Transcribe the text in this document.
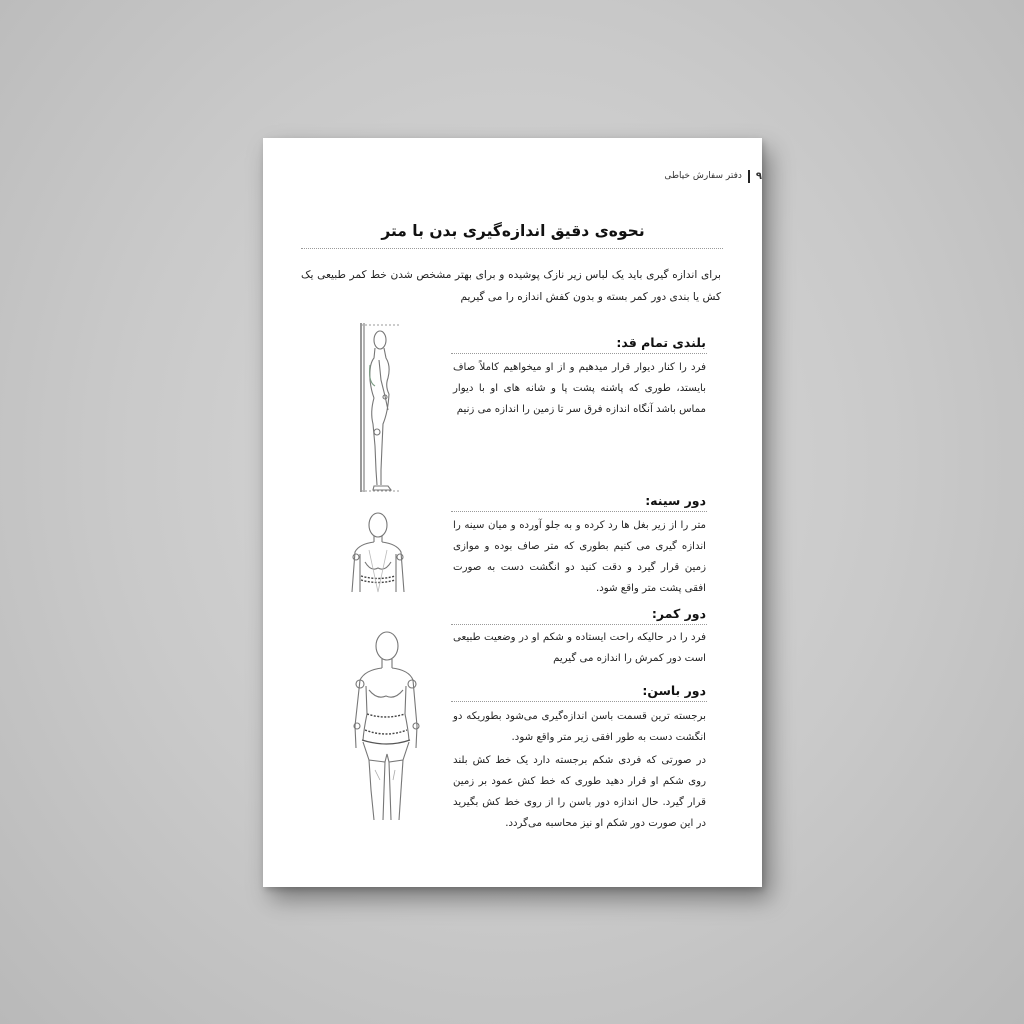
۹
دفتر سفارش خیاطی
نحوه‌ی دقیق اندازه‌گیری بدن با متر
برای اندازه گیری باید یک لباس زیر نازک پوشیده و برای بهتر مشخص شدن خط کمر طبیعی یک کش یا بندی دور کمر بسته و بدون کفش اندازه را می گیریم
بلندی تمام قد:
فرد را کنار دیوار قرار میدهیم و از او میخواهیم کاملاً صاف بایستد، طوری که پاشنه پشت پا و شانه های او با دیوار مماس باشد آنگاه اندازه فرق سر تا زمین را اندازه می زنیم
دور سینه:
متر را از زیر بغل ها رد کرده و به جلو آورده و میان سینه را اندازه گیری می کنیم بطوری که متر صاف بوده و موازی زمین قرار گیرد و دقت کنید دو انگشت دست به صورت افقی پشت متر واقع شود.
دور کمر:
فرد را در حالیکه راحت ایستاده و شکم او در وضعیت طبیعی است دور کمرش را اندازه می گیریم
دور باسن:
برجسته ترین قسمت باسن اندازه‌گیری می‌شود بطوریکه دو انگشت دست به طور افقی زیر متر واقع شود.
در صورتی که فردی شکم برجسته دارد یک خط کش بلند روی شکم او قرار دهید طوری که خط کش عمود بر زمین قرار گیرد. حال اندازه دور باسن را از روی خط کش بگیرید در این صورت دور شکم او نیز محاسبه می‌گردد.
